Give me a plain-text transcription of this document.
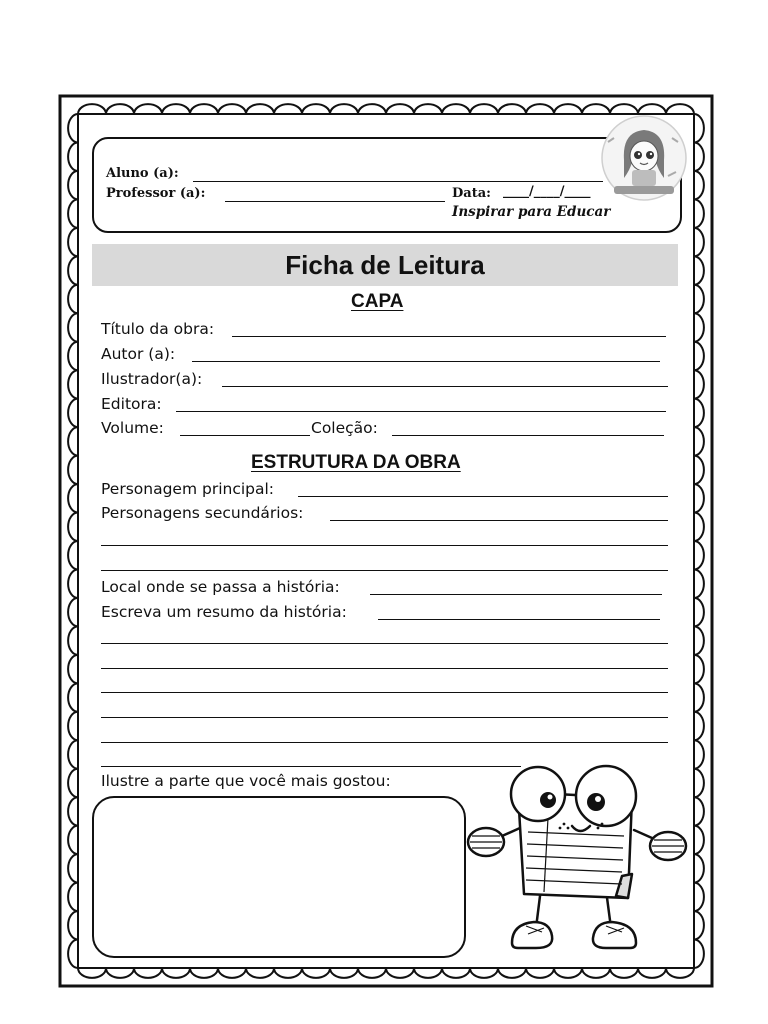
Aluno (a):
Professor (a):	Data: ____/____/____
Inspirar para Educar
Ficha de Leitura
CAPA
Título da obra:
Autor (a):
Ilustrador(a):
Editora:
Volume:	Coleção:
ESTRUTURA DA OBRA
Personagem principal:
Personagens secundários:
Local onde se passa a história:
Escreva um resumo da história:
Ilustre a parte que você mais gostou:
